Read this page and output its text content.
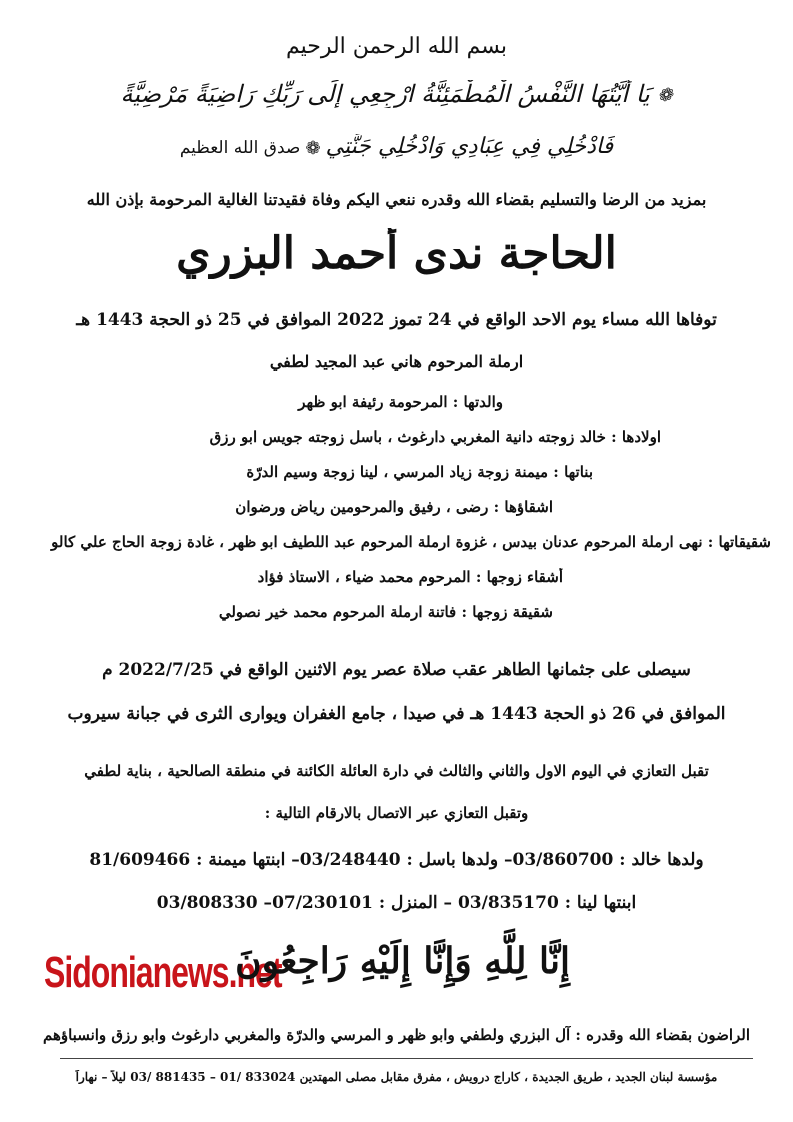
بسم الله الرحمن الرحيم
❁ يَا أَيَّتُهَا النَّفْسُ الْمُطْمَئِنَّةُ ارْجِعِي إِلَى رَبِّكِ رَاضِيَةً مَرْضِيَّةً
فَادْخُلِي فِي عِبَادِي وَادْخُلِي جَنَّتِي ❁ صدق الله العظيم
بمزيد من الرضا والتسليم بقضاء الله وقدره ننعي اليكم وفاة فقيدتنا الغالية المرحومة بإذن الله
الحاجة ندى أحمد البزري
توفاها الله مساء يوم الاحد الواقع في 24 تموز 2022 الموافق في 25 ذو الحجة 1443 هـ
ارملة المرحوم هاني عبد المجيد لطفي
والدتها : المرحومة رئيفة ابو ظهر
اولادها : خالد زوجته دانية المغربي دارغوث ، باسل زوجته جويس ابو رزق
بناتها : ميمنة زوجة زياد المرسي ، لينا زوجة وسيم الدرّة
اشقاؤها : رضى ، رفيق والمرحومين رياض ورضوان
شقيقاتها : نهى ارملة المرحوم عدنان بيدس ، غزوة ارملة المرحوم عبد اللطيف ابو ظهر ، غادة زوجة الحاج علي كالو
أشقاء زوجها : المرحوم محمد ضياء ، الاستاذ فؤاد
شقيقة زوجها : فاتنة ارملة المرحوم محمد خير نصولي
سيصلى على جثمانها الطاهر عقب صلاة عصر يوم الاثنين الواقع في 2022/7/25 م
الموافق في 26 ذو الحجة 1443 هـ في صيدا ، جامع الغفران ويوارى الثرى في جبانة سيروب
تقبل التعازي في اليوم الاول والثاني والثالث في دارة العائلة الكائنة في منطقة الصالحية ، بناية لطفي
وتقبل التعازي عبر الاتصال بالارقام التالية :
ولدها خالد : 03/860700– ولدها باسل : 03/248440– ابنتها ميمنة : 81/609466
ابنتها لينا : 03/835170 – المنزل : 07/230101– 03/808330
Sidonianews.net
إِنَّا لِلَّهِ وَإِنَّا إِلَيْهِ رَاجِعُونَ
الراضون بقضاء الله وقدره : آل البزري ولطفي وابو ظهر و المرسي والدرّة والمغربي دارغوث وابو رزق وانسباؤهم
مؤسسة لبنان الجديد ، طريق الجديدة ، كاراج درويش ، مفرق مقابل مصلى المهتدين 833024 /01 – 881435 /03 ليلاً – نهاراً
